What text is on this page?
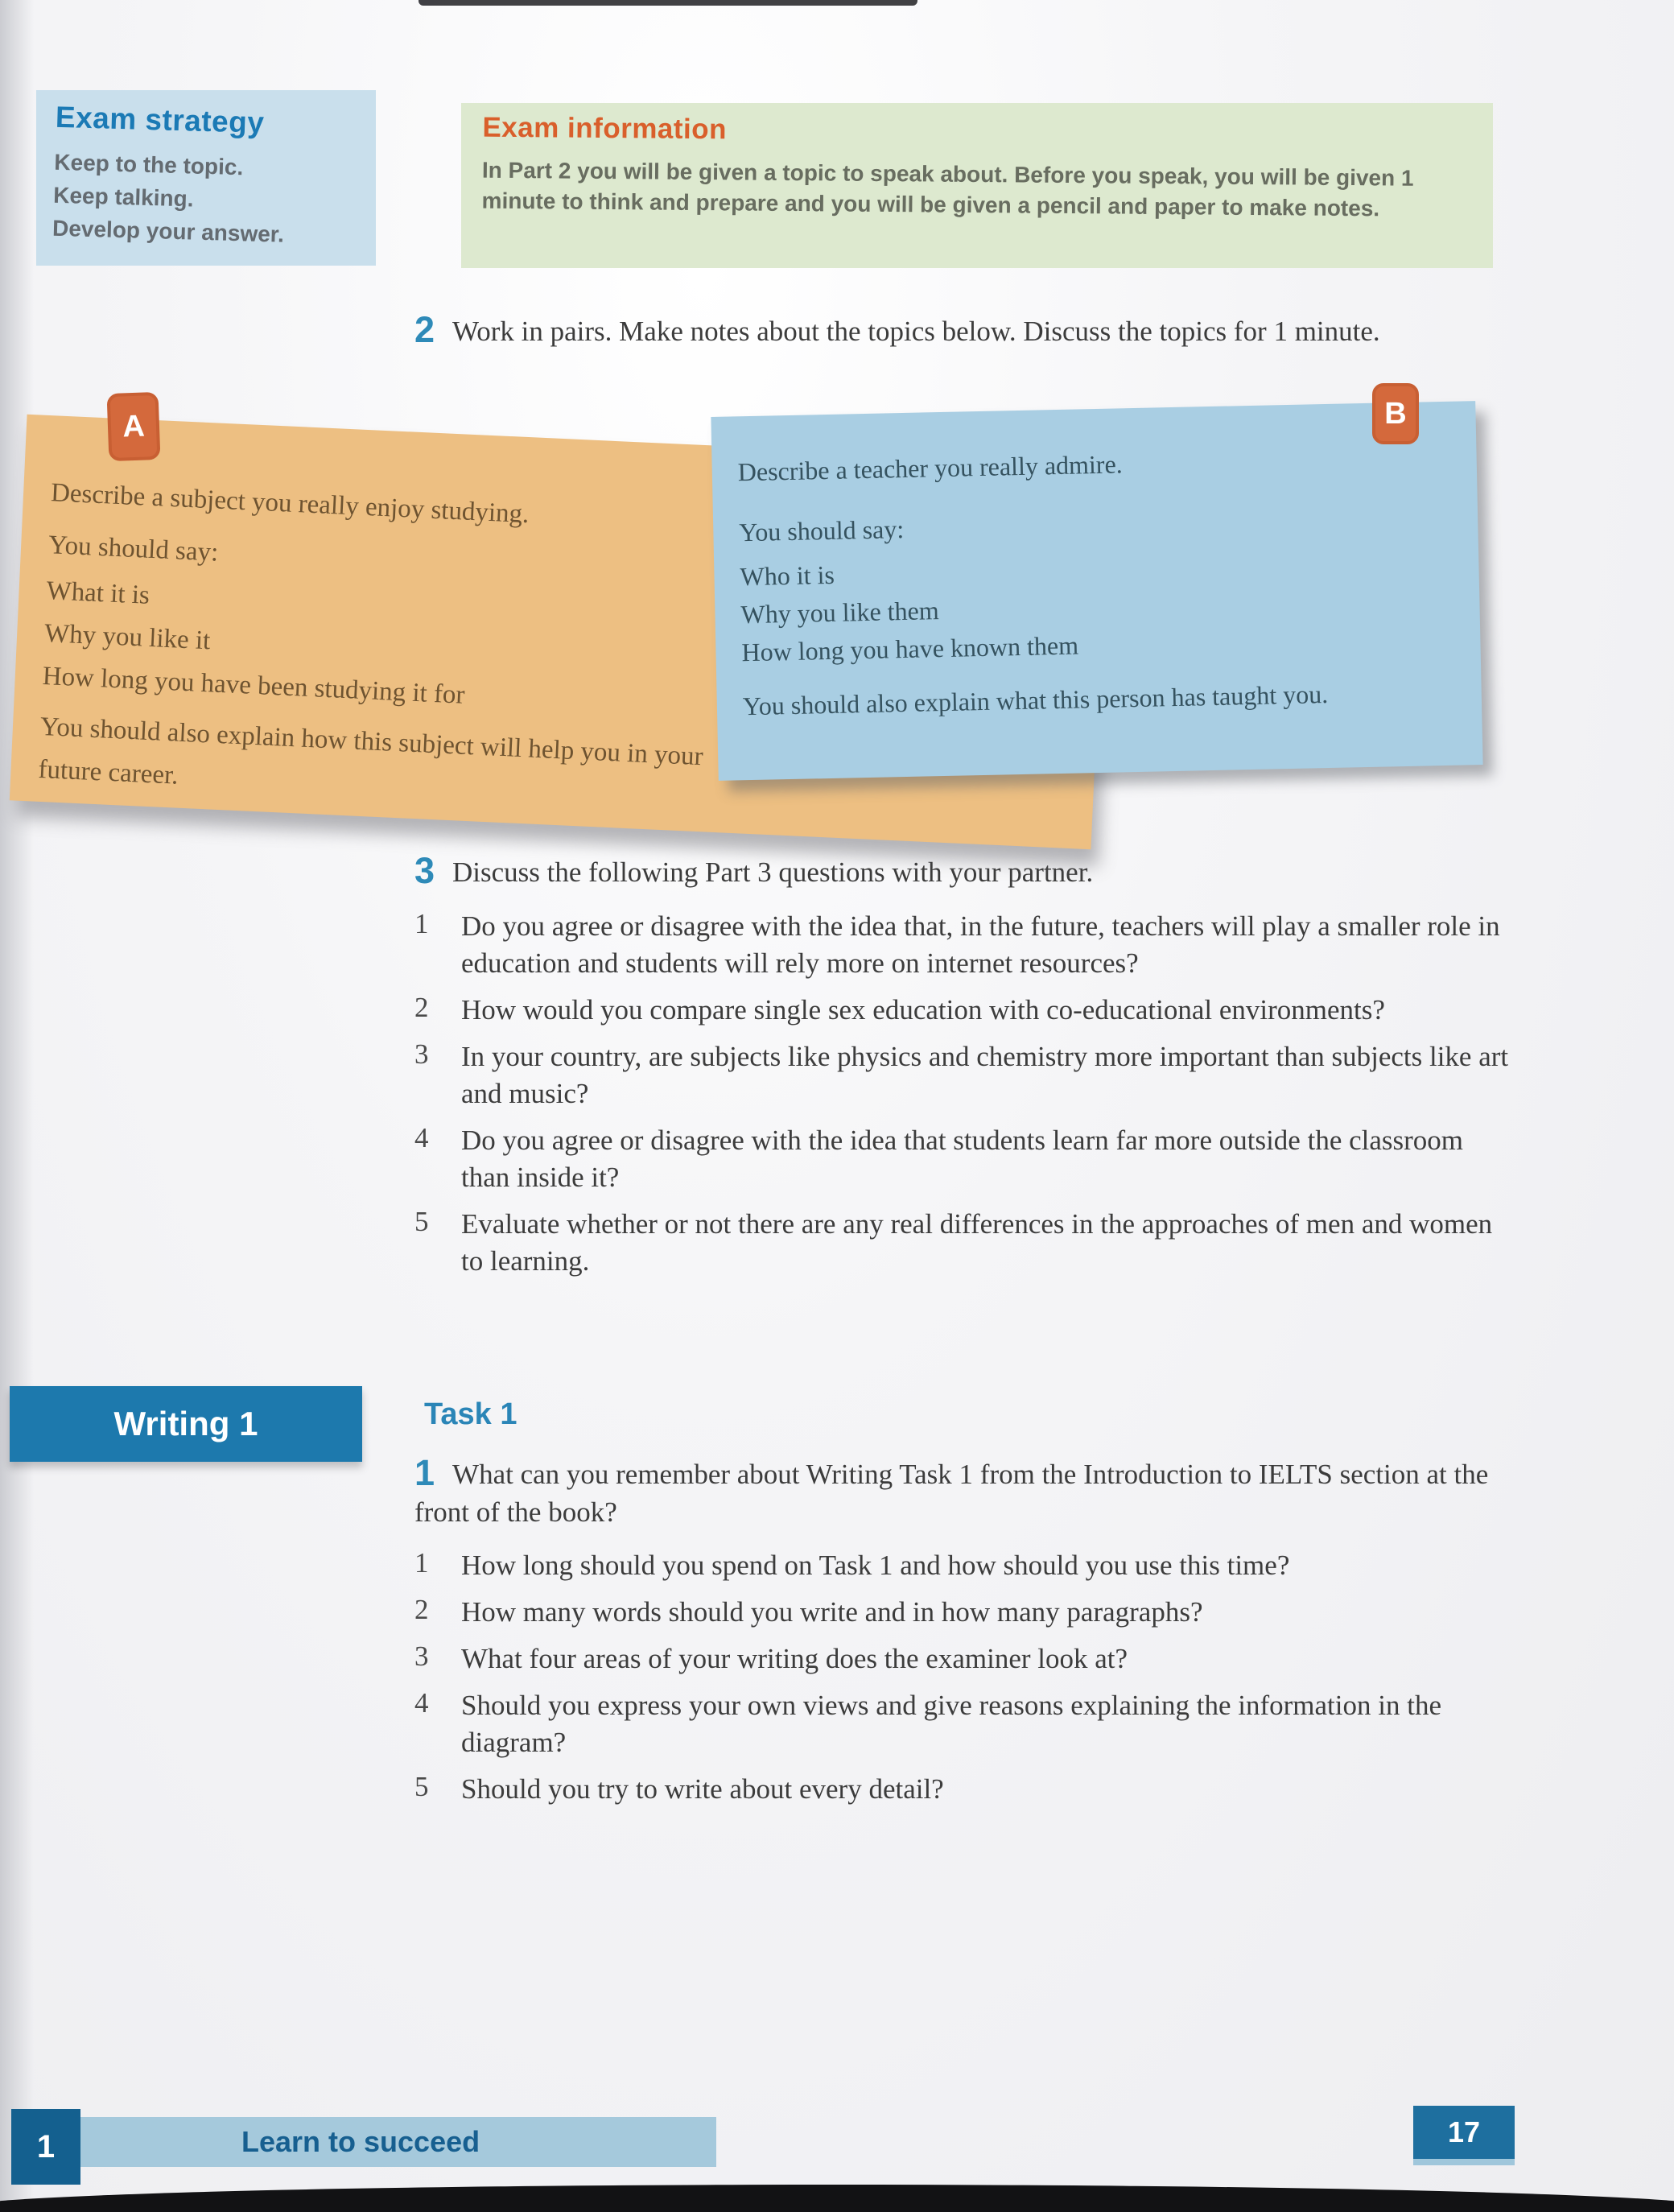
Exam strategy

Keep to the topic.

Keep talking.

Develop your answer.

Exam information

In Part 2 you will be given a topic to speak about. Before you speak, you will be given 1 minute to think and prepare and you will be given a pencil and paper to make notes.

2 Work in pairs. Make notes about the topics below. Discuss the topics for 1 minute.

Describe a subject you really enjoy studying.

You should say:

What it is

Why you like it

How long you have been studying it for

You should also explain how this subject will help you in your future career.

Describe a teacher you really admire.

You should say:

Who it is

Why you like them

How long you have known them

You should also explain what this person has taught you.

A	B

3 Discuss the following Part 3 questions with your partner.

1	Do you agree or disagree with the idea that, in the future, teachers will play a smaller role in education and students will rely more on internet resources?
2	How would you compare single sex education with co-educational environments?
3	In your country, are subjects like physics and chemistry more important than subjects like art and music?
4	Do you agree or disagree with the idea that students learn far more outside the classroom than inside it?
5	Evaluate whether or not there are any real differences in the approaches of men and women to learning.
Writing 1	Task 1

1 What can you remember about Writing Task 1 from the Introduction to IELTS section at the front of the book?

1	How long should you spend on Task 1 and how should you use this time?
2	How many words should you write and in how many paragraphs?
3	What four areas of your writing does the examiner look at?
4	Should you express your own views and give reasons explaining the information in the diagram?
5	Should you try to write about every detail?
1	Learn to succeed	17
